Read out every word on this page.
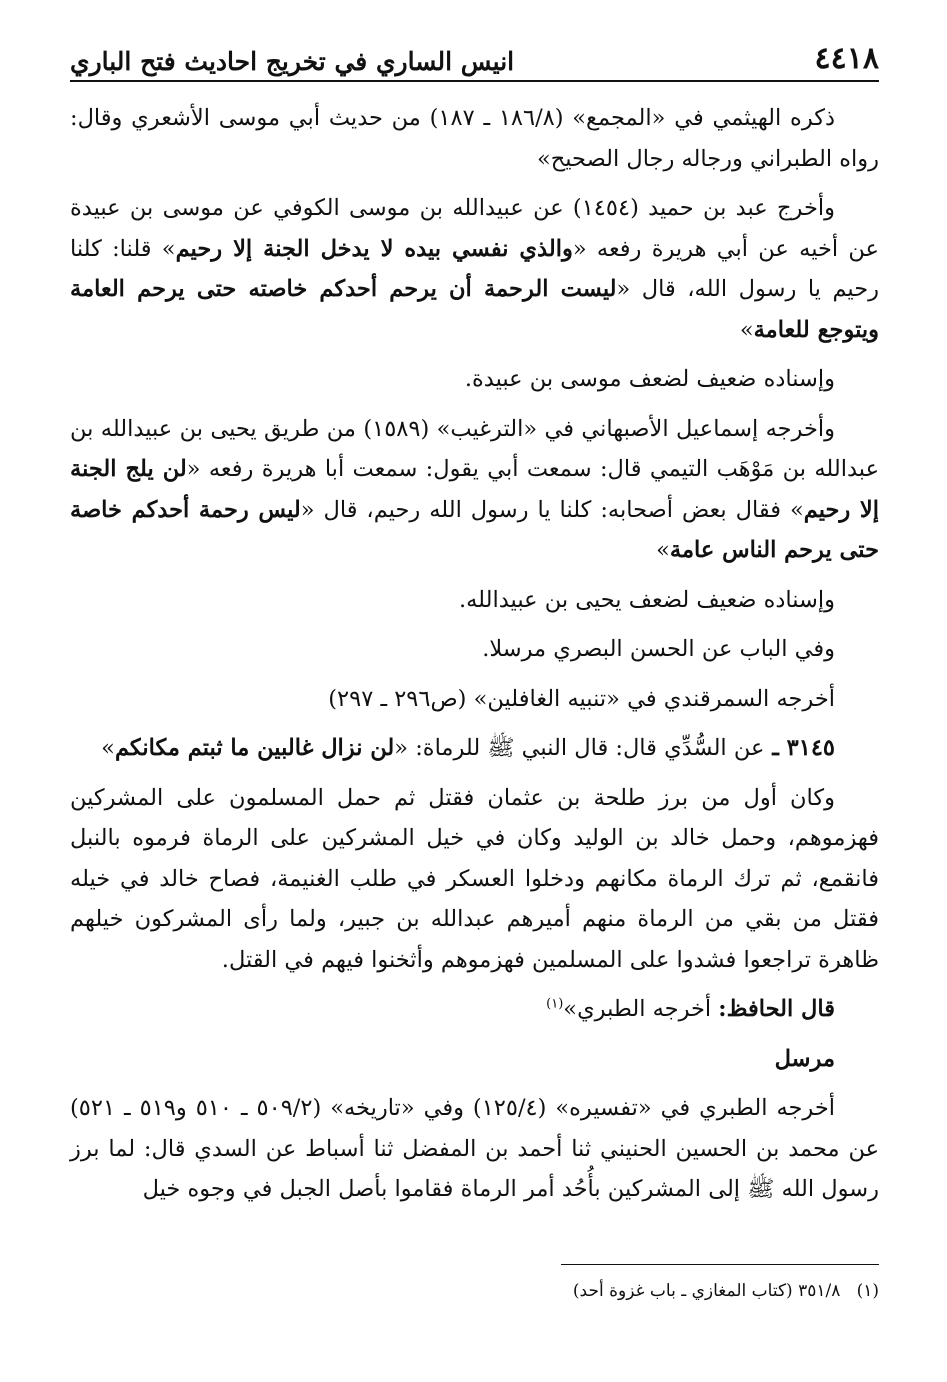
٤٤١٨
انيس الساري في تخريج احاديث فتح الباري

ذكره الهيثمي في «المجمع» (١٨٦/٨ ـ ١٨٧) من حديث أبي موسى الأشعري وقال: رواه الطبراني ورجاله رجال الصحيح»

وأخرج عبد بن حميد (١٤٥٤) عن عبيدالله بن موسى الكوفي عن موسى بن عبيدة عن أخيه عن أبي هريرة رفعه «والذي نفسي بيده لا يدخل الجنة إلا رحيم» قلنا: كلنا رحيم يا رسول الله، قال «ليست الرحمة أن يرحم أحدكم خاصته حتى يرحم العامة ويتوجع للعامة»

وإسناده ضعيف لضعف موسى بن عبيدة.

وأخرجه إسماعيل الأصبهاني في «الترغيب» (١٥٨٩) من طريق يحيى بن عبيدالله بن عبدالله بن مَوْهَب التيمي قال: سمعت أبي يقول: سمعت أبا هريرة رفعه «لن يلج الجنة إلا رحيم» فقال بعض أصحابه: كلنا يا رسول الله رحيم، قال «ليس رحمة أحدكم خاصة حتى يرحم الناس عامة»

وإسناده ضعيف لضعف يحيى بن عبيدالله.

وفي الباب عن الحسن البصري مرسلا.

أخرجه السمرقندي في «تنبيه الغافلين» (ص٢٩٦ ـ ٢٩٧)

٣١٤٥ ـ عن السُّدِّي قال: قال النبي ﷺ للرماة: «لن نزال غالبين ما ثبتم مكانكم»

وكان أول من برز طلحة بن عثمان فقتل ثم حمل المسلمون على المشركين فهزموهم، وحمل خالد بن الوليد وكان في خيل المشركين على الرماة فرموه بالنبل فانقمع، ثم ترك الرماة مكانهم ودخلوا العسكر في طلب الغنيمة، فصاح خالد في خيله فقتل من بقي من الرماة منهم أميرهم عبدالله بن جبير، ولما رأى المشركون خيلهم ظاهرة تراجعوا فشدوا على المسلمين فهزموهم وأثخنوا فيهم في القتل.

قال الحافظ: أخرجه الطبري»$^{(١)}$

مرسل

أخرجه الطبري في «تفسيره» (١٢٥/٤) وفي «تاريخه» (٥٠٩/٢ ـ ٥١٠ و٥١٩ ـ ٥٢١) عن محمد بن الحسين الحنيني ثنا أحمد بن المفضل ثنا أسباط عن السدي قال: لما برز رسول الله ﷺ إلى المشركين بأُحُد أمر الرماة فقاموا بأصل الجبل في وجوه خيل

(١)   ٣٥١/٨ (كتاب المغازي ـ باب غزوة أحد)
